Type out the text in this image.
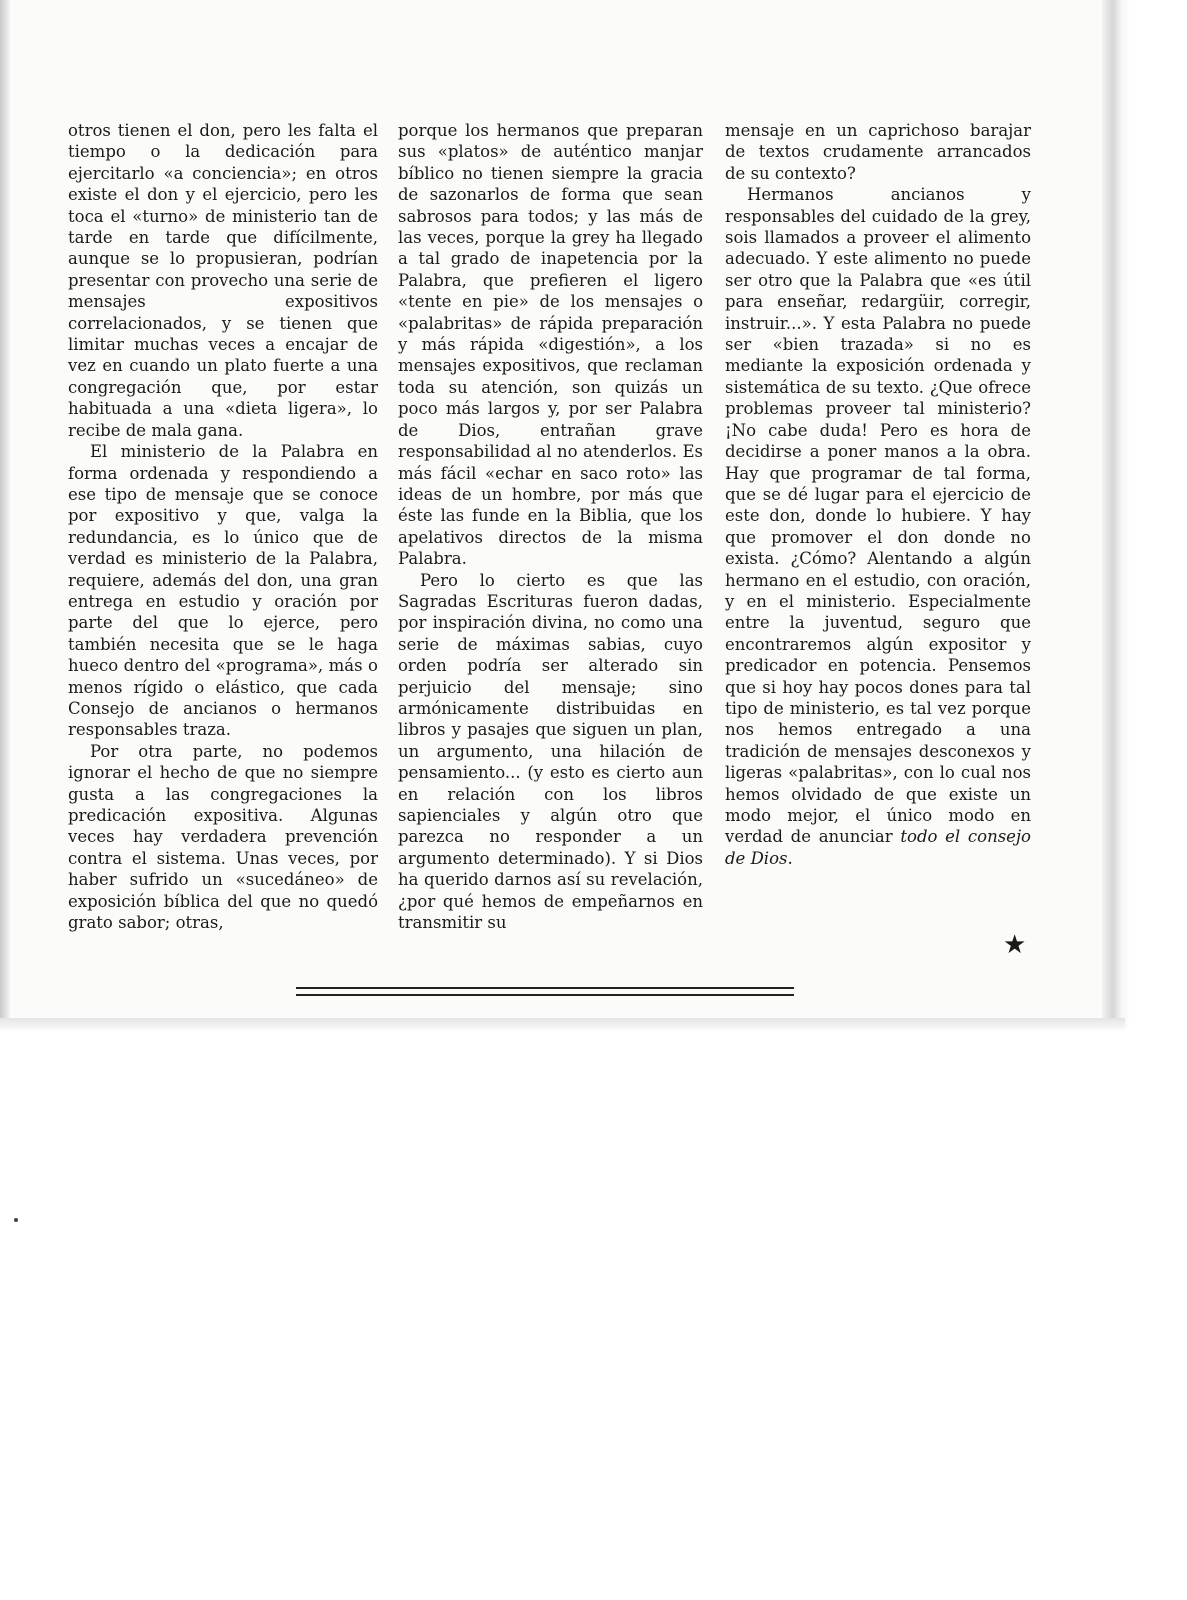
otros tienen el don, pero les falta el tiempo o la dedicación para ejercitarlo «a conciencia»; en otros existe el don y el ejercicio, pero les toca el «turno» de ministerio tan de tarde en tarde que difícilmente, aunque se lo propusieran, podrían presentar con provecho una serie de mensajes expositivos correlacionados, y se tienen que limitar muchas veces a encajar de vez en cuando un plato fuerte a una congregación que, por estar habituada a una «dieta ligera», lo recibe de mala gana.

El ministerio de la Palabra en forma ordenada y respondiendo a ese tipo de mensaje que se conoce por expositivo y que, valga la redundancia, es lo único que de verdad es ministerio de la Palabra, requiere, además del don, una gran entrega en estudio y oración por parte del que lo ejerce, pero también necesita que se le haga hueco dentro del «programa», más o menos rígido o elástico, que cada Consejo de ancianos o hermanos responsables traza.

Por otra parte, no podemos ignorar el hecho de que no siempre gusta a las congregaciones la predicación expositiva. Algunas veces hay verdadera prevención contra el sistema. Unas veces, por haber sufrido un «sucedáneo» de exposición bíblica del que no quedó grato sabor; otras,

porque los hermanos que preparan sus «platos» de auténtico manjar bíblico no tienen siempre la gracia de sazonarlos de forma que sean sabrosos para todos; y las más de las veces, porque la grey ha llegado a tal grado de inapetencia por la Palabra, que prefieren el ligero «tente en pie» de los mensajes o «palabritas» de rápida preparación y más rápida «digestión», a los mensajes expositivos, que reclaman toda su atención, son quizás un poco más largos y, por ser Palabra de Dios, entrañan grave responsabilidad al no atenderlos. Es más fácil «echar en saco roto» las ideas de un hombre, por más que éste las funde en la Biblia, que los apelativos directos de la misma Palabra.

Pero lo cierto es que las Sagradas Escrituras fueron dadas, por inspiración divina, no como una serie de máximas sabias, cuyo orden podría ser alterado sin perjuicio del mensaje; sino armónicamente distribuidas en libros y pasajes que siguen un plan, un argumento, una hilación de pensamiento... (y esto es cierto aun en relación con los libros sapienciales y algún otro que parezca no responder a un argumento determinado). Y si Dios ha querido darnos así su revelación, ¿por qué hemos de empeñarnos en transmitir su

mensaje en un caprichoso barajar de textos crudamente arrancados de su contexto?

Hermanos ancianos y responsables del cuidado de la grey, sois llamados a proveer el alimento adecuado. Y este alimento no puede ser otro que la Palabra que «es útil para enseñar, redargüir, corregir, instruir...». Y esta Palabra no puede ser «bien trazada» si no es mediante la exposición ordenada y sistemática de su texto. ¿Que ofrece problemas proveer tal ministerio? ¡No cabe duda! Pero es hora de decidirse a poner manos a la obra. Hay que programar de tal forma, que se dé lugar para el ejercicio de este don, donde lo hubiere. Y hay que promover el don donde no exista. ¿Cómo? Alentando a algún hermano en el estudio, con oración, y en el ministerio. Especialmente entre la juventud, seguro que encontraremos algún expositor y predicador en potencia. Pensemos que si hoy hay pocos dones para tal tipo de ministerio, es tal vez porque nos hemos entregado a una tradición de mensajes desconexos y ligeras «palabritas», con lo cual nos hemos olvidado de que existe un modo mejor, el único modo en verdad de anunciar todo el consejo de Dios.

★
